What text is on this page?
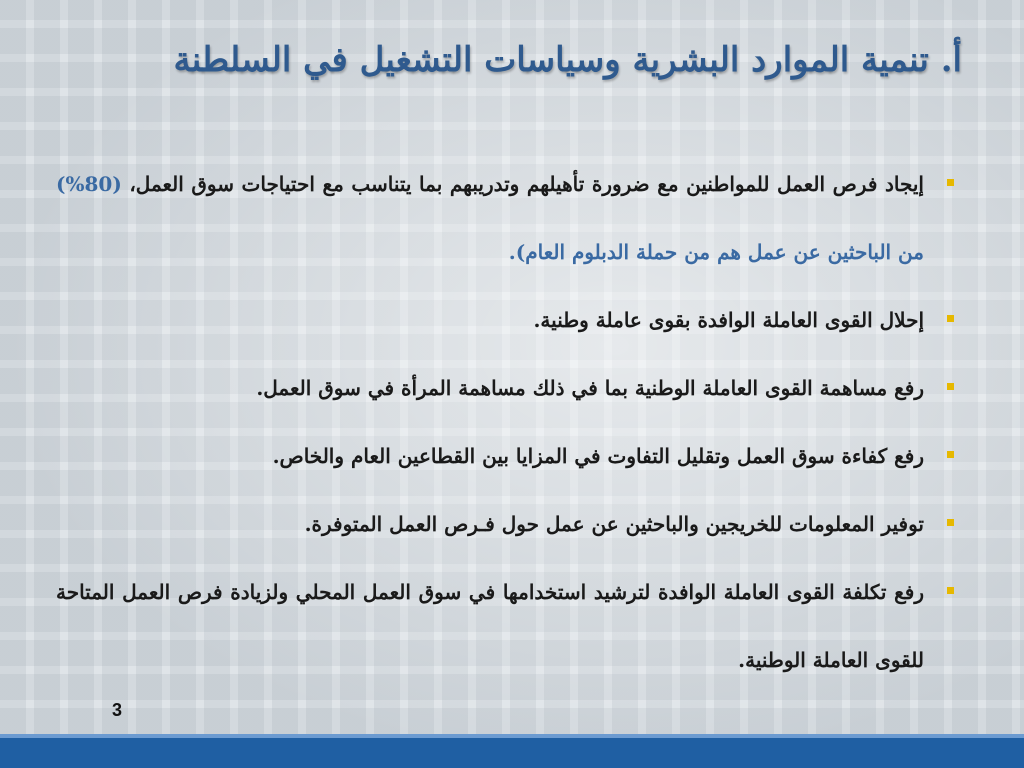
أ. تنمية الموارد البشرية وسياسات التشغيل في السلطنة
إيجاد فرص العمل للمواطنين مع ضرورة تأهيلهم وتدريبهم بما يتناسب مع احتياجات سوق العمل، (80%) من الباحثين عن عمل هم من حملة الدبلوم العام).
إحلال القوى العاملة الوافدة بقوى عاملة وطنية.
رفع مساهمة القوى العاملة الوطنية بما في ذلك مساهمة المرأة في سوق العمل.
رفع كفاءة سوق العمل وتقليل التفاوت في المزايا بين القطاعين العام والخاص.
توفير المعلومات للخريجين والباحثين عن عمل حول فـرص العمل المتوفرة.
رفع تكلفة القوى العاملة الوافدة لترشيد استخدامها في سوق العمل المحلي ولزيادة فرص العمل المتاحة للقوى العاملة الوطنية.
3
